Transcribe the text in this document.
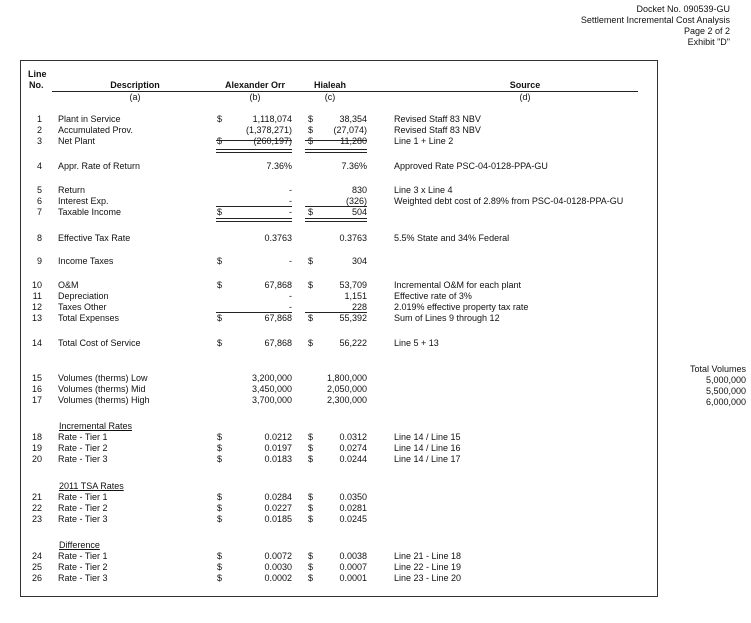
Docket No. 090539-GU
Settlement Incremental Cost Analysis
Page 2 of 2
Exhibit "D"
Line
No.	Description	Alexander Orr	Hialeah	Source
(a)	(b)	(c)	(d)
1 Plant in Service	$	1,118,074 $	38,354	Revised Staff 83 NBV
2 Accumulated Prov.	(1,378,271) $	(27,074)	Revised Staff 83 NBV
3 Net Plant	$	(260,197) $	11,280	Line 1 + Line 2
4 Appr. Rate of Return	7.36%	7.36%	Approved Rate PSC-04-0128-PPA-GU
5 Return	-	830	Line 3 x Line 4
6 Interest Exp.	-	(326)	Weighted debt cost of 2.89% from PSC-04-0128-PPA-GU
7 Taxable Income	$	- $	504
8 Effective Tax Rate	0.3763	0.3763	5.5% State and 34% Federal
9 Income Taxes	$	- $	304
10 O&M	$	67,868 $	53,709	Incremental O&M for each plant
11 Depreciation	-	1,151	Effective rate of 3%
12 Taxes Other	-	228	2.019% effective property tax rate
13 Total Expenses	$	67,868 $	55,392	Sum of Lines 9 through 12
14 Total Cost of Service	$	67,868 $	56,222	Line 5 + 13
15 Volumes (therms) Low	3,200,000	1,800,000
16 Volumes (therms) Mid	3,450,000	2,050,000
17 Volumes (therms) High	3,700,000	2,300,000
18 Rate - Tier 1	$	0.0212 $	0.0312	Line 14 / Line 15
19 Rate - Tier 2	$	0.0197 $	0.0274	Line 14 / Line 16
20 Rate - Tier 3	$	0.0183 $	0.0244	Line 14 / Line 17
21 Rate - Tier 1	$	0.0284 $	0.0350
22 Rate - Tier 2	$	0.0227 $	0.0281
23 Rate - Tier 3	$	0.0185 $	0.0245
24 Rate - Tier 1	$	0.0072 $	0.0038	Line 21 - Line 18
25 Rate - Tier 2	$	0.0030 $	0.0007	Line 22 - Line 19
26 Rate - Tier 3	$	0.0002 $	0.0001	Line 23 - Line 20
Incremental Rates
2011 TSA Rates
Difference
Total Volumes
5,000,000
5,500,000
6,000,000
